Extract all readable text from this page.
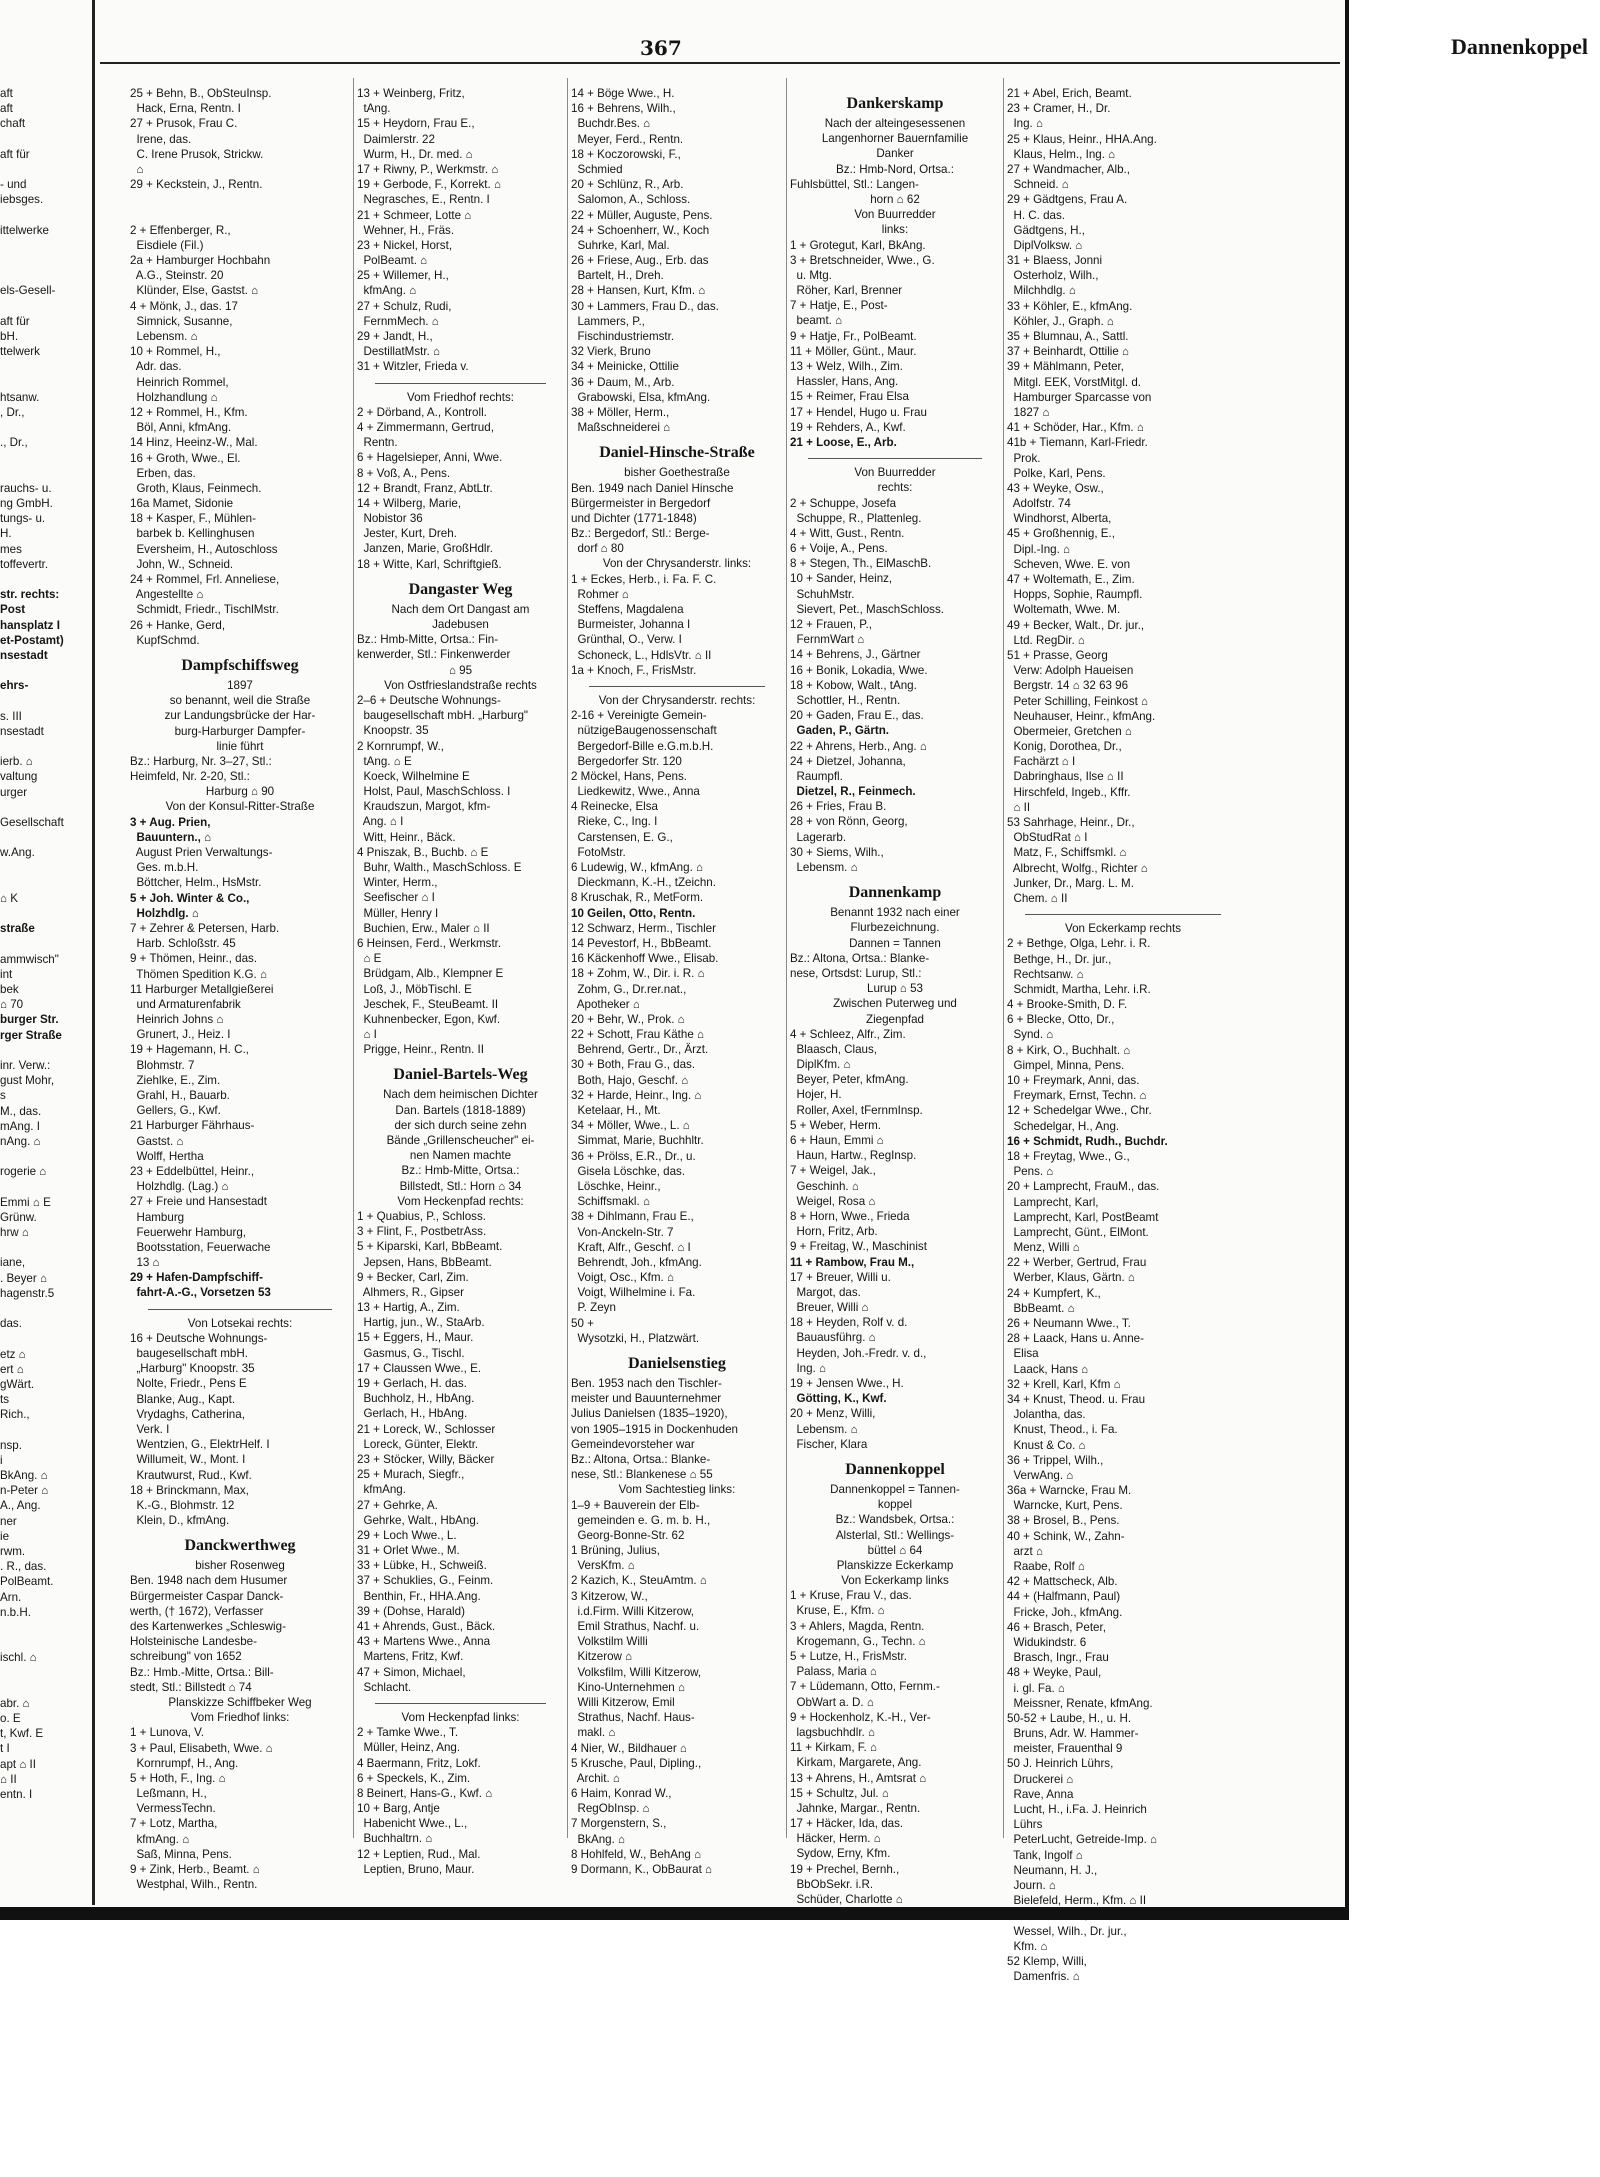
367	Dannenkoppel
aft
aft
chaft
aft für
- und
iebsges.
ittelwerke
els-Gesell-
aft für
bH.
ttelwerk
htsanw.
, Dr.,
., Dr.,
rauchs- u.
ng GmbH.
tungs- u.
H.
mes
toffevertr.
str. rechts:
Post
hansplatz I
et-Postamt)
nsestadt
ehrs-
s. III
nsestadt
ierb. ⌂
valtung
urger
Gesellschaft
w.Ang.
⌂ K
straße
ammwisch"
int
bek
⌂ 70
burger Str.
rger Straße
inr. Verw.:
gust Mohr,
s
M., das.
mAng. I
nAng. ⌂
rogerie ⌂
Emmi ⌂ E
Grünw.
hrw ⌂
iane,
. Beyer ⌂
hagenstr.5
das.
etz ⌂
ert ⌂
gWärt.
ts
Rich.,
nsp.
i
BkAng. ⌂
n-Peter ⌂
A., Ang.
ner
ie
rwm.
. R., das.
PolBeamt.
Arn.
n.b.H.
ischl. ⌂
abr. ⌂
o. E
t, Kwf. E
t I
apt ⌂ II
⌂ II
entn. I
25 + Behn, B., ObSteuInsp.
Hack, Erna, Rentn. I
27 + Prusok, Frau C.
Irene, das.
C. Irene Prusok, Strickw.
⌂
29 + Keckstein, J., Rentn.
2 + Effenberger, R.,
Eisdiele (Fil.)
2a + Hamburger Hochbahn
A.G., Steinstr. 20
Klünder, Else, Gastst. ⌂
4 + Mönk, J., das. 17
Simnick, Susanne,
Lebensm. ⌂
10 + Rommel, H.,
Adr. das.
Heinrich Rommel,
Holzhandlung ⌂
12 + Rommel, H., Kfm.
Böl, Anni, kfmAng.
14 Hinz, Heeinz-W., Mal.
16 + Groth, Wwe., El.
Erben, das.
Groth, Klaus, Feinmech.
16a Mamet, Sidonie
18 + Kasper, F., Mühlen-
barbek b. Kellinghusen
Eversheim, H., Autoschloss
John, W., Schneid.
24 + Rommel, Frl. Anneliese,
Angestellte ⌂
Schmidt, Friedr., TischlMstr.
26 + Hanke, Gerd,
KupfSchmd.
Dampfschiffsweg
1897
so benannt, weil die Straße
zur Landungsbrücke der Har-
burg-Harburger Dampfer-
linie führt
Bz.: Harburg, Nr. 3–27, Stl.:
Heimfeld, Nr. 2-20, Stl.:
Harburg ⌂ 90
Von der Konsul-Ritter-Straße
3 + Aug. Prien,
Bauuntern., ⌂
August Prien Verwaltungs-
Ges. m.b.H.
Böttcher, Helm., HsMstr.
5 + Joh. Winter & Co.,
Holzhdlg. ⌂
7 + Zehrer & Petersen, Harb.
Harb. Schloßstr. 45
9 + Thömen, Heinr., das.
Thömen Spedition K.G. ⌂
11 Harburger Metallgießerei
und Armaturenfabrik
Heinrich Johns ⌂
Grunert, J., Heiz. I
19 + Hagemann, H. C.,
Blohmstr. 7
Ziehlke, E., Zim.
Grahl, H., Bauarb.
Gellers, G., Kwf.
21 Harburger Fährhaus-
Gastst. ⌂
Wolff, Hertha
23 + Eddelbüttel, Heinr.,
Holzhdlg. (Lag.) ⌂
27 + Freie und Hansestadt
Hamburg
Feuerwehr Hamburg,
Bootsstation, Feuerwache
13 ⌂
29 + Hafen-Dampfschiff-
fahrt-A.-G., Vorsetzen 53
Von Lotsekai rechts:
16 + Deutsche Wohnungs-
baugesellschaft mbH.
„Harburg" Knoopstr. 35
Nolte, Friedr., Pens E
Blanke, Aug., Kapt.
Vrydaghs, Catherina,
Verk. I
Wentzien, G., ElektrHelf. I
Willumeit, W., Mont. I
Krautwurst, Rud., Kwf.
18 + Brinckmann, Max,
K.-G., Blohmstr. 12
Klein, D., kfmAng.
Danckwerthweg
bisher Rosenweg
Ben. 1948 nach dem Husumer
Bürgermeister Caspar Danck-
werth, († 1672), Verfasser
des Kartenwerkes „Schleswig-
Holsteinische Landesbe-
schreibung" von 1652
Bz.: Hmb.-Mitte, Ortsa.: Bill-
stedt, Stl.: Billstedt ⌂ 74
Planskizze Schiffbeker Weg
Vom Friedhof links:
1 + Lunova, V.
3 + Paul, Elisabeth, Wwe. ⌂
Kornrumpf, H., Ang.
5 + Hoth, F., Ing. ⌂
Leßmann, H.,
VermessTechn.
7 + Lotz, Martha,
kfmAng. ⌂
Saß, Minna, Pens.
9 + Zink, Herb., Beamt. ⌂
Westphal, Wilh., Rentn.
13 + Weinberg, Fritz,
tAng.
15 + Heydorn, Frau E.,
Daimlerstr. 22
Wurm, H., Dr. med. ⌂
17 + Riwny, P., Werkmstr. ⌂
19 + Gerbode, F., Korrekt. ⌂
Negrasches, E., Rentn. I
21 + Schmeer, Lotte ⌂
Wehner, H., Fräs.
23 + Nickel, Horst,
PolBeamt. ⌂
25 + Willemer, H.,
kfmAng. ⌂
27 + Schulz, Rudi,
FernmMech. ⌂
29 + Jandt, H.,
DestillatMstr. ⌂
31 + Witzler, Frieda v.
Vom Friedhof rechts:
2 + Dörband, A., Kontroll.
4 + Zimmermann, Gertrud,
Rentn.
6 + Hagelsieper, Anni, Wwe.
8 + Voß, A., Pens.
12 + Brandt, Franz, AbtLtr.
14 + Wilberg, Marie,
Nobistor 36
Jester, Kurt, Dreh.
Janzen, Marie, GroßHdlr.
18 + Witte, Karl, Schriftgieß.
Dangaster Weg
Nach dem Ort Dangast am
Jadebusen
Bz.: Hmb-Mitte, Ortsa.: Fin-
kenwerder, Stl.: Finkenwerder
⌂ 95
Von Ostfrieslandstraße rechts
2–6 + Deutsche Wohnungs-
baugesellschaft mbH. „Harburg"
Knoopstr. 35
2 Kornrumpf, W.,
tAng. ⌂ E
Koeck, Wilhelmine E
Holst, Paul, MaschSchloss. I
Kraudszun, Margot, kfm-
Ang. ⌂ I
Witt, Heinr., Bäck.
4 Pniszak, B., Buchb. ⌂ E
Buhr, Walth., MaschSchloss. E
Winter, Herm.,
Seefischer ⌂ I
Müller, Henry I
Buchien, Erw., Maler ⌂ II
6 Heinsen, Ferd., Werkmstr.
⌂ E
Brüdgam, Alb., Klempner E
Loß, J., MöbTischl. E
Jeschek, F., SteuBeamt. II
Kuhnenbecker, Egon, Kwf.
⌂ I
Prigge, Heinr., Rentn. II
Daniel-Bartels-Weg
Nach dem heimischen Dichter
Dan. Bartels (1818-1889)
der sich durch seine zehn
Bände „Grillenscheucher" ei-
nen Namen machte
Bz.: Hmb-Mitte, Ortsa.:
Billstedt, Stl.: Horn ⌂ 34
Vom Heckenpfad rechts:
1 + Quabius, P., Schloss.
3 + Flint, F., PostbetrAss.
5 + Kiparski, Karl, BbBeamt.
Jepsen, Hans, BbBeamt.
9 + Becker, Carl, Zim.
Alhmers, R., Gipser
13 + Hartig, A., Zim.
Hartig, jun., W., StaArb.
15 + Eggers, H., Maur.
Gasmus, G., Tischl.
17 + Claussen Wwe., E.
19 + Gerlach, H. das.
Buchholz, H., HbAng.
Gerlach, H., HbAng.
21 + Loreck, W., Schlosser
Loreck, Günter, Elektr.
23 + Stöcker, Willy, Bäcker
25 + Murach, Siegfr.,
kfmAng.
27 + Gehrke, A.
Gehrke, Walt., HbAng.
29 + Loch Wwe., L.
31 + Orlet Wwe., M.
33 + Lübke, H., Schweiß.
37 + Schuklies, G., Feinm.
Benthin, Fr., HHA.Ang.
39 + (Dohse, Harald)
41 + Ahrends, Gust., Bäck.
43 + Martens Wwe., Anna
Martens, Fritz, Kwf.
47 + Simon, Michael,
Schlacht.
Vom Heckenpfad links:
2 + Tamke Wwe., T.
Müller, Heinz, Ang.
4 Baermann, Fritz, Lokf.
6 + Speckels, K., Zim.
8 Beinert, Hans-G., Kwf. ⌂
10 + Barg, Antje
Habenicht Wwe., L.,
Buchhaltrn. ⌂
12 + Leptien, Rud., Mal.
Leptien, Bruno, Maur.
14 + Böge Wwe., H.
16 + Behrens, Wilh.,
Buchdr.Bes. ⌂
Meyer, Ferd., Rentn.
18 + Koczorowski, F.,
Schmied
20 + Schlünz, R., Arb.
Salomon, A., Schloss.
22 + Müller, Auguste, Pens.
24 + Schoenherr, W., Koch
Suhrke, Karl, Mal.
26 + Friese, Aug., Erb. das
Bartelt, H., Dreh.
28 + Hansen, Kurt, Kfm. ⌂
30 + Lammers, Frau D., das.
Lammers, P.,
Fischindustriemstr.
32 Vierk, Bruno
34 + Meinicke, Ottilie
36 + Daum, M., Arb.
Grabowski, Elsa, kfmAng.
38 + Möller, Herm.,
Maßschneiderei ⌂
Daniel-Hinsche-Straße
bisher Goethestraße
Ben. 1949 nach Daniel Hinsche
Bürgermeister in Bergedorf
und Dichter (1771-1848)
Bz.: Bergedorf, Stl.: Berge-
dorf ⌂ 80
Von der Chrysanderstr. links:
1 + Eckes, Herb., i. Fa. F. C.
Rohmer ⌂
Steffens, Magdalena
Burmeister, Johanna I
Grünthal, O., Verw. I
Schoneck, L., HdlsVtr. ⌂ II
1a + Knoch, F., FrisMstr.
Von der Chrysanderstr. rechts:
2-16 + Vereinigte Gemein-
nützigeBaugenossenschaft
Bergedorf-Bille e.G.m.b.H.
Bergedorfer Str. 120
2 Möckel, Hans, Pens.
Liedkewitz, Wwe., Anna
4 Reinecke, Elsa
Rieke, C., Ing. I
Carstensen, E. G.,
FotoMstr.
6 Ludewig, W., kfmAng. ⌂
Dieckmann, K.-H., tZeichn.
8 Kruschak, R., MetForm.
10 Geilen, Otto, Rentn.
12 Schwarz, Herm., Tischler
14 Pevestorf, H., BbBeamt.
16 Käckenhoff Wwe., Elisab.
18 + Zohm, W., Dir. i. R. ⌂
Zohm, G., Dr.rer.nat.,
Apotheker ⌂
20 + Behr, W., Prok. ⌂
22 + Schott, Frau Käthe ⌂
Behrend, Gertr., Dr., Ärzt.
30 + Both, Frau G., das.
Both, Hajo, Geschf. ⌂
32 + Harde, Heinr., Ing. ⌂
Ketelaar, H., Mt.
34 + Möller, Wwe., L. ⌂
Simmat, Marie, Buchhltr.
36 + Prölss, E.R., Dr., u.
Gisela Löschke, das.
Löschke, Heinr.,
Schiffsmakl. ⌂
38 + Dihlmann, Frau E.,
Von-Anckeln-Str. 7
Kraft, Alfr., Geschf. ⌂ I
Behrendt, Joh., kfmAng.
Voigt, Osc., Kfm. ⌂
Voigt, Wilhelmine i. Fa.
P. Zeyn
50 +
Wysotzki, H., Platzwärt.
Danielsenstieg
Ben. 1953 nach den Tischler-
meister und Bauunternehmer
Julius Danielsen (1835–1920),
von 1905–1915 in Dockenhuden
Gemeindevorsteher war
Bz.: Altona, Ortsa.: Blanke-
nese, Stl.: Blankenese ⌂ 55
Vom Sachtestieg links:
1–9 + Bauverein der Elb-
gemeinden e. G. m. b. H.,
Georg-Bonne-Str. 62
1 Brüning, Julius,
VersKfm. ⌂
2 Kazich, K., SteuAmtm. ⌂
3 Kitzerow, W.,
i.d.Firm. Willi Kitzerow,
Emil Strathus, Nachf. u.
Volkstilm Willi
Kitzerow ⌂
Volksfilm, Willi Kitzerow,
Kino-Unternehmen ⌂
Willi Kitzerow, Emil
Strathus, Nachf. Haus-
makl. ⌂
4 Nier, W., Bildhauer ⌂
5 Krusche, Paul, Dipling.,
Archit. ⌂
6 Haim, Konrad W.,
RegObInsp. ⌂
7 Morgenstern, S.,
BkAng. ⌂
8 Hohlfeld, W., BehAng ⌂
9 Dormann, K., ObBaurat ⌂
Dankerskamp
Nach der alteingesessenen
Langenhorner Bauernfamilie
Danker
Bz.: Hmb-Nord, Ortsa.:
Fuhlsbüttel, Stl.: Langen-
horn ⌂ 62
Von Buurredder
links:
1 + Grotegut, Karl, BkAng.
3 + Bretschneider, Wwe., G.
u. Mtg.
Röher, Karl, Brenner
7 + Hatje, E., Post-
beamt. ⌂
9 + Hatje, Fr., PolBeamt.
11 + Möller, Günt., Maur.
13 + Welz, Wilh., Zim.
Hassler, Hans, Ang.
15 + Reimer, Frau Elsa
17 + Hendel, Hugo u. Frau
19 + Rehders, A., Kwf.
21 + Loose, E., Arb.
Von Buurredder
rechts:
2 + Schuppe, Josefa
Schuppe, R., Plattenleg.
4 + Witt, Gust., Rentn.
6 + Voije, A., Pens.
8 + Stegen, Th., ElMaschB.
10 + Sander, Heinz,
SchuhMstr.
Sievert, Pet., MaschSchloss.
12 + Frauen, P.,
FernmWart ⌂
14 + Behrens, J., Gärtner
16 + Bonik, Lokadia, Wwe.
18 + Kobow, Walt., tAng.
Schottler, H., Rentn.
20 + Gaden, Frau E., das.
Gaden, P., Gärtn.
22 + Ahrens, Herb., Ang. ⌂
24 + Dietzel, Johanna,
Raumpfl.
Dietzel, R., Feinmech.
26 + Fries, Frau B.
28 + von Rönn, Georg,
Lagerarb.
30 + Siems, Wilh.,
Lebensm. ⌂
Dannenkamp
Benannt 1932 nach einer
Flurbezeichnung.
Dannen = Tannen
Bz.: Altona, Ortsa.: Blanke-
nese, Ortsdst: Lurup, Stl.:
Lurup ⌂ 53
Zwischen Puterweg und
Ziegenpfad
4 + Schleez, Alfr., Zim.
Blaasch, Claus,
DiplKfm. ⌂
Beyer, Peter, kfmAng.
Hojer, H.
Roller, Axel, tFernmInsp.
5 + Weber, Herm.
6 + Haun, Emmi ⌂
Haun, Hartw., RegInsp.
7 + Weigel, Jak.,
Geschinh. ⌂
Weigel, Rosa ⌂
8 + Horn, Wwe., Frieda
Horn, Fritz, Arb.
9 + Freitag, W., Maschinist
11 + Rambow, Frau M.,
17 + Breuer, Willi u.
Margot, das.
Breuer, Willi ⌂
18 + Heyden, Rolf v. d.
Bauausführg. ⌂
Heyden, Joh.-Fredr. v. d.,
Ing. ⌂
19 + Jensen Wwe., H.
Götting, K., Kwf.
20 + Menz, Willi,
Lebensm. ⌂
Fischer, Klara
Dannenkoppel
Dannenkoppel = Tannen-
koppel
Bz.: Wandsbek, Ortsa.:
Alsterlal, Stl.: Wellings-
büttel ⌂ 64
Planskizze Eckerkamp
Von Eckerkamp links
1 + Kruse, Frau V., das.
Kruse, E., Kfm. ⌂
3 + Ahlers, Magda, Rentn.
Krogemann, G., Techn. ⌂
5 + Lutze, H., FrisMstr.
Palass, Maria ⌂
7 + Lüdemann, Otto, Fernm.-
ObWart a. D. ⌂
9 + Hockenholz, K.-H., Ver-
lagsbuchhdlr. ⌂
11 + Kirkam, F. ⌂
Kirkam, Margarete, Ang.
13 + Ahrens, H., Amtsrat ⌂
15 + Schultz, Jul. ⌂
Jahnke, Margar., Rentn.
17 + Häcker, Ida, das.
Häcker, Herm. ⌂
Sydow, Erny, Kfm.
19 + Prechel, Bernh.,
BbObSekr. i.R.
Schüder, Charlotte ⌂
21 + Abel, Erich, Beamt.
23 + Cramer, H., Dr.
Ing. ⌂
25 + Klaus, Heinr., HHA.Ang.
Klaus, Helm., Ing. ⌂
27 + Wandmacher, Alb.,
Schneid. ⌂
29 + Gädtgens, Frau A.
H. C. das.
Gädtgens, H.,
DiplVolksw. ⌂
31 + Blaess, Jonni
Osterholz, Wilh.,
Milchhdlg. ⌂
33 + Köhler, E., kfmAng.
Köhler, J., Graph. ⌂
35 + Blumnau, A., Sattl.
37 + Beinhardt, Ottilie ⌂
39 + Mählmann, Peter,
Mitgl. EEK, VorstMitgl. d.
Hamburger Sparcasse von
1827 ⌂
41 + Schöder, Har., Kfm. ⌂
41b + Tiemann, Karl-Friedr.
Prok.
Polke, Karl, Pens.
43 + Weyke, Osw.,
Adolfstr. 74
Windhorst, Alberta,
45 + Großhennig, E.,
Dipl.-Ing. ⌂
Scheven, Wwe. E. von
47 + Woltemath, E., Zim.
Hopps, Sophie, Raumpfl.
Woltemath, Wwe. M.
49 + Becker, Walt., Dr. jur.,
Ltd. RegDir. ⌂
51 + Prasse, Georg
Verw: Adolph Haueisen
Bergstr. 14 ⌂ 32 63 96
Peter Schilling, Feinkost ⌂
Neuhauser, Heinr., kfmAng.
Obermeier, Gretchen ⌂
Konig, Dorothea, Dr.,
Fachärzt ⌂ I
Dabringhaus, Ilse ⌂ II
Hirschfeld, Ingeb., Kffr.
⌂ II
53 Sahrhage, Heinr., Dr.,
ObStudRat ⌂ I
Matz, F., Schiffsmkl. ⌂
Albrecht, Wolfg., Richter ⌂
Junker, Dr., Marg. L. M.
Chem. ⌂ II
Von Eckerkamp rechts
2 + Bethge, Olga, Lehr. i. R.
Bethge, H., Dr. jur.,
Rechtsanw. ⌂
Schmidt, Martha, Lehr. i.R.
4 + Brooke-Smith, D. F.
6 + Blecke, Otto, Dr.,
Synd. ⌂
8 + Kirk, O., Buchhalt. ⌂
Gimpel, Minna, Pens.
10 + Freymark, Anni, das.
Freymark, Ernst, Techn. ⌂
12 + Schedelgar Wwe., Chr.
Schedelgar, H., Ang.
16 + Schmidt, Rudh., Buchdr.
18 + Freytag, Wwe., G.,
Pens. ⌂
20 + Lamprecht, FrauM., das.
Lamprecht, Karl,
Lamprecht, Karl, PostBeamt
Lamprecht, Günt., ElMont.
Menz, Willi ⌂
22 + Werber, Gertrud, Frau
Werber, Klaus, Gärtn. ⌂
24 + Kumpfert, K.,
BbBeamt. ⌂
26 + Neumann Wwe., T.
28 + Laack, Hans u. Anne-
Elisa
Laack, Hans ⌂
32 + Krell, Karl, Kfm ⌂
34 + Knust, Theod. u. Frau
Jolantha, das.
Knust, Theod., i. Fa.
Knust & Co. ⌂
36 + Trippel, Wilh.,
VerwAng. ⌂
36a + Warncke, Frau M.
Warncke, Kurt, Pens.
38 + Brosel, B., Pens.
40 + Schink, W., Zahn-
arzt ⌂
Raabe, Rolf ⌂
42 + Mattscheck, Alb.
44 + (Halfmann, Paul)
Fricke, Joh., kfmAng.
46 + Brasch, Peter,
Widukindstr. 6
Brasch, Ingr., Frau
48 + Weyke, Paul,
i. gl. Fa. ⌂
Meissner, Renate, kfmAng.
50-52 + Laube, H., u. H.
Bruns, Adr. W. Hammer-
meister, Frauenthal 9
50 J. Heinrich Lührs,
Druckerei ⌂
Rave, Anna
Lucht, H., i.Fa. J. Heinrich
Lührs
PeterLucht, Getreide-Imp. ⌂
Tank, Ingolf ⌂
Neumann, H. J.,
Journ. ⌂
Bielefeld, Herm., Kfm. ⌂ II
Wessel, Wilh., Dr. jur.,
Kfm. ⌂
52 Klemp, Willi,
Damenfris. ⌂
